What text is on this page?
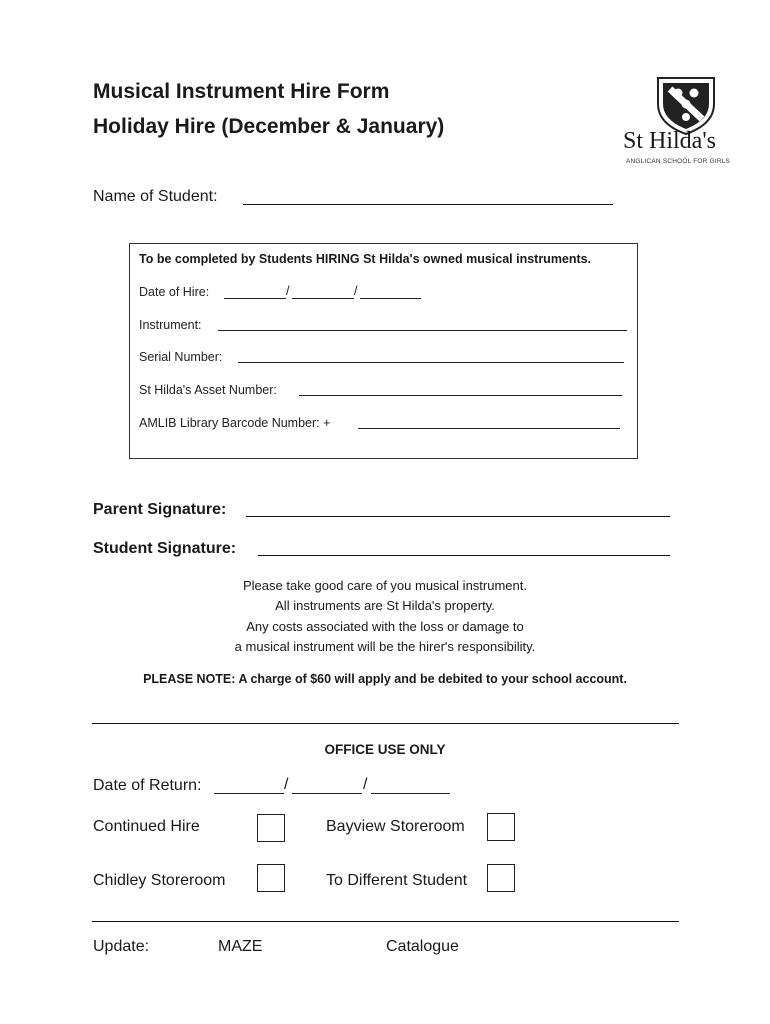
Musical Instrument Hire Form
Holiday Hire (December & January)
St Hilda's
ANGLICAN SCHOOL FOR GIRLS
Name of Student:
To be completed by Students HIRING St Hilda's owned musical instruments.
Date of Hire:	/	/
Instrument:
Serial Number:
St Hilda's Asset Number:
AMLIB Library Barcode Number: +
Parent Signature:
Student Signature:
Please take good care of you musical instrument.
All instruments are St Hilda's property.
Any costs associated with the loss or damage to
a musical instrument will be the hirer's responsibility.
PLEASE NOTE: A charge of $60 will apply and be debited to your school account.
OFFICE USE ONLY
Date of Return:	/	/
Continued Hire	Bayview Storeroom
Chidley Storeroom	To Different Student
Update:	MAZE	Catalogue
